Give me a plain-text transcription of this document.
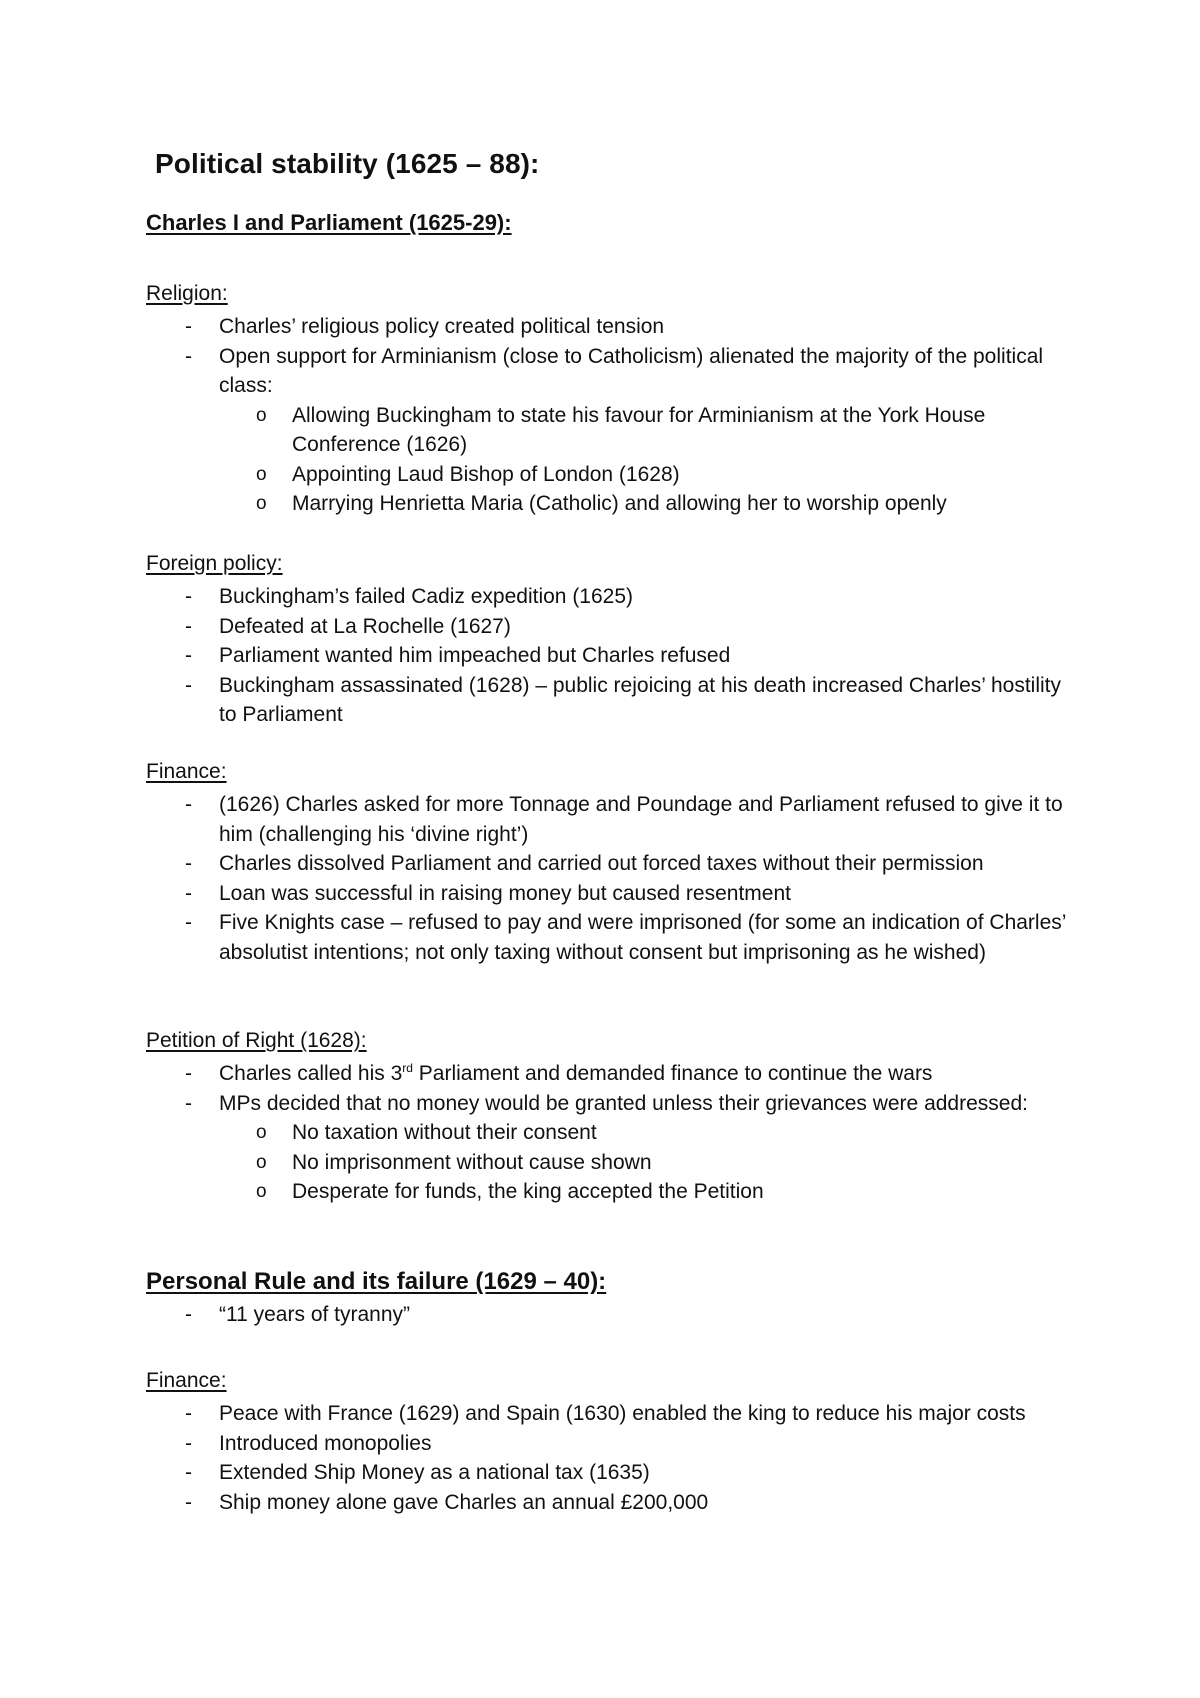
Political stability (1625 – 88):
Charles I and Parliament (1625-29):
Religion:
- Charles’ religious policy created political tension
- Open support for Arminianism (close to Catholicism) alienated the majority of the political class:
o Allowing Buckingham to state his favour for Arminianism at the York House Conference (1626)
o Appointing Laud Bishop of London (1628)
o Marrying Henrietta Maria (Catholic) and allowing her to worship openly
Foreign policy:
- Buckingham’s failed Cadiz expedition (1625)
- Defeated at La Rochelle (1627)
- Parliament wanted him impeached but Charles refused
- Buckingham assassinated (1628) – public rejoicing at his death increased Charles’ hostility to Parliament
Finance:
- (1626) Charles asked for more Tonnage and Poundage and Parliament refused to give it to him (challenging his ‘divine right’)
- Charles dissolved Parliament and carried out forced taxes without their permission
- Loan was successful in raising money but caused resentment
- Five Knights case – refused to pay and were imprisoned (for some an indication of Charles’ absolutist intentions; not only taxing without consent but imprisoning as he wished)
Petition of Right (1628):
- Charles called his 3rd Parliament and demanded finance to continue the wars
- MPs decided that no money would be granted unless their grievances were addressed:
o No taxation without their consent
o No imprisonment without cause shown
o Desperate for funds, the king accepted the Petition
Personal Rule and its failure (1629 – 40):
- “11 years of tyranny”
Finance:
- Peace with France (1629) and Spain (1630) enabled the king to reduce his major costs
- Introduced monopolies
- Extended Ship Money as a national tax (1635)
- Ship money alone gave Charles an annual £200,000
